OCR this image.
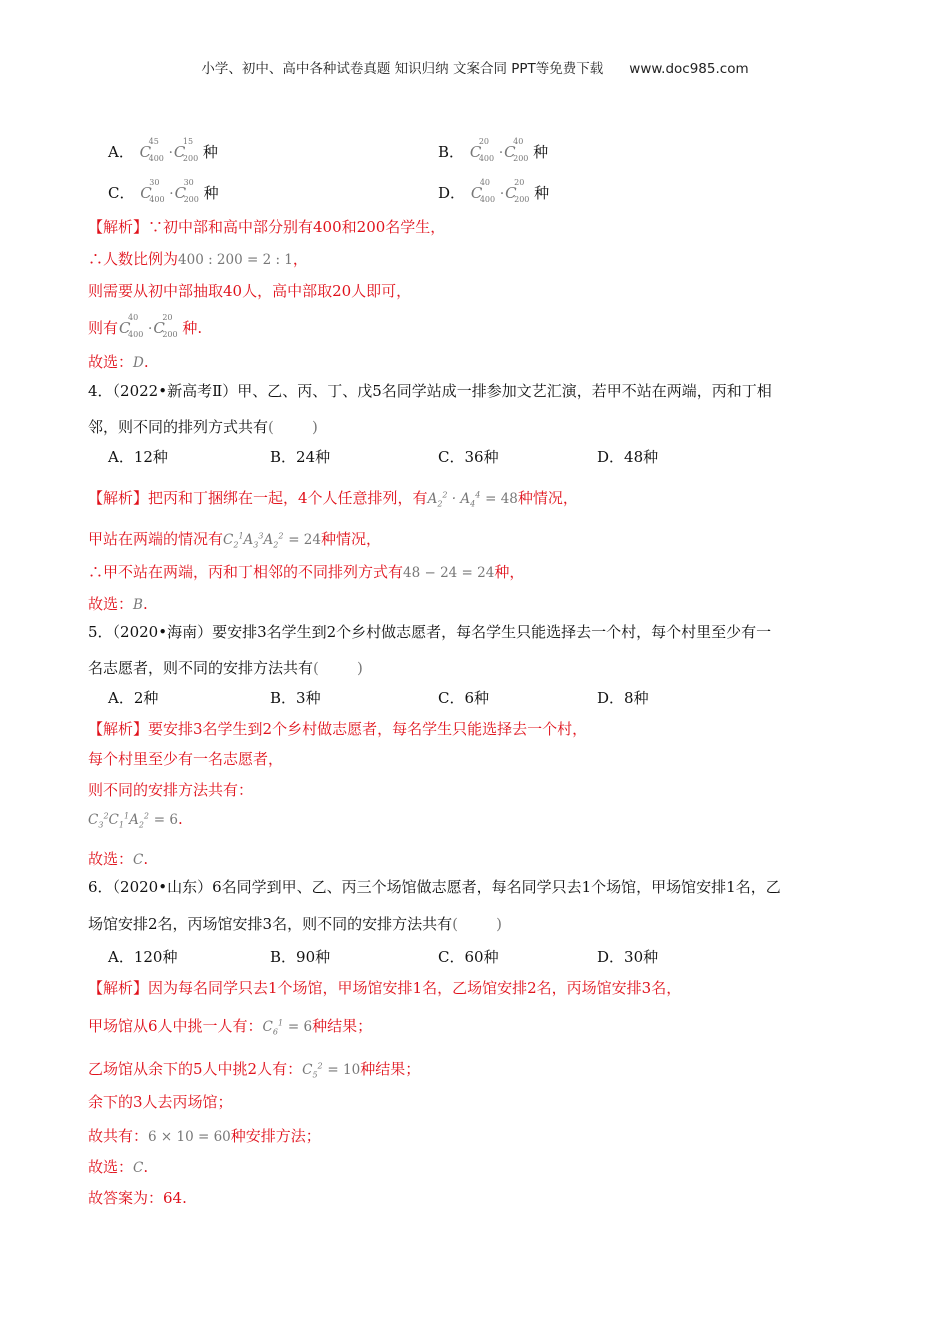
小学、初中、高中各种试卷真题 知识归纳 文案合同 PPT等免费下载 www.doc985.com
A． C
45
400 · C
15
200 种	B． C
20
400 · C
40
200 种
C． C
30
400 · C
30
200 种	D． C
40
400 · C
20
200 种
【解析】∵初中部和高中部分别有400和200名学生，
∴人数比例为400 : 200 = 2 : 1，
则需要从初中部抽取40人，高中部取20人即可，
则有 C
40
400 · C
20
200 种.
故选：D.
4．（2022•新高考Ⅱ）甲、乙、丙、丁、戊5名同学站成一排参加文艺汇演，若甲不站在两端，丙和丁相
邻，则不同的排列方式共有(        )
A．12种	B．24种	C．36种	D．48种
【解析】把丙和丁捆绑在一起，4个人任意排列，有$A_2^2 \cdot A_4^4 = 48$种情况，
甲站在两端的情况有$C_2^1A_3^3A_2^2 = 24$种情况，
∴甲不站在两端，丙和丁相邻的不同排列方式有48 − 24 = 24种，
故选：B.
5．（2020•海南）要安排3名学生到2个乡村做志愿者，每名学生只能选择去一个村，每个村里至少有一
名志愿者，则不同的安排方法共有(        )
A．2种	B．3种	C．6种	D．8种
【解析】要安排3名学生到2个乡村做志愿者，每名学生只能选择去一个村，
每个村里至少有一名志愿者，
则不同的安排方法共有：
$C_3^2C_1^1A_2^2 = 6$.
故选：C.
6．（2020•山东）6名同学到甲、乙、丙三个场馆做志愿者，每名同学只去1个场馆，甲场馆安排1名，乙
场馆安排2名，丙场馆安排3名，则不同的安排方法共有(        )
A．120种	B．90种	C．60种	D．30种
【解析】因为每名同学只去1个场馆，甲场馆安排1名，乙场馆安排2名，丙场馆安排3名，
甲场馆从6人中挑一人有：$C_6^1 = 6$种结果；
乙场馆从余下的5人中挑2人有：$C_5^2 = 10$种结果；
余下的3人去丙场馆；
故共有：6 × 10 = 60种安排方法；
故选：C.
故答案为：64.
